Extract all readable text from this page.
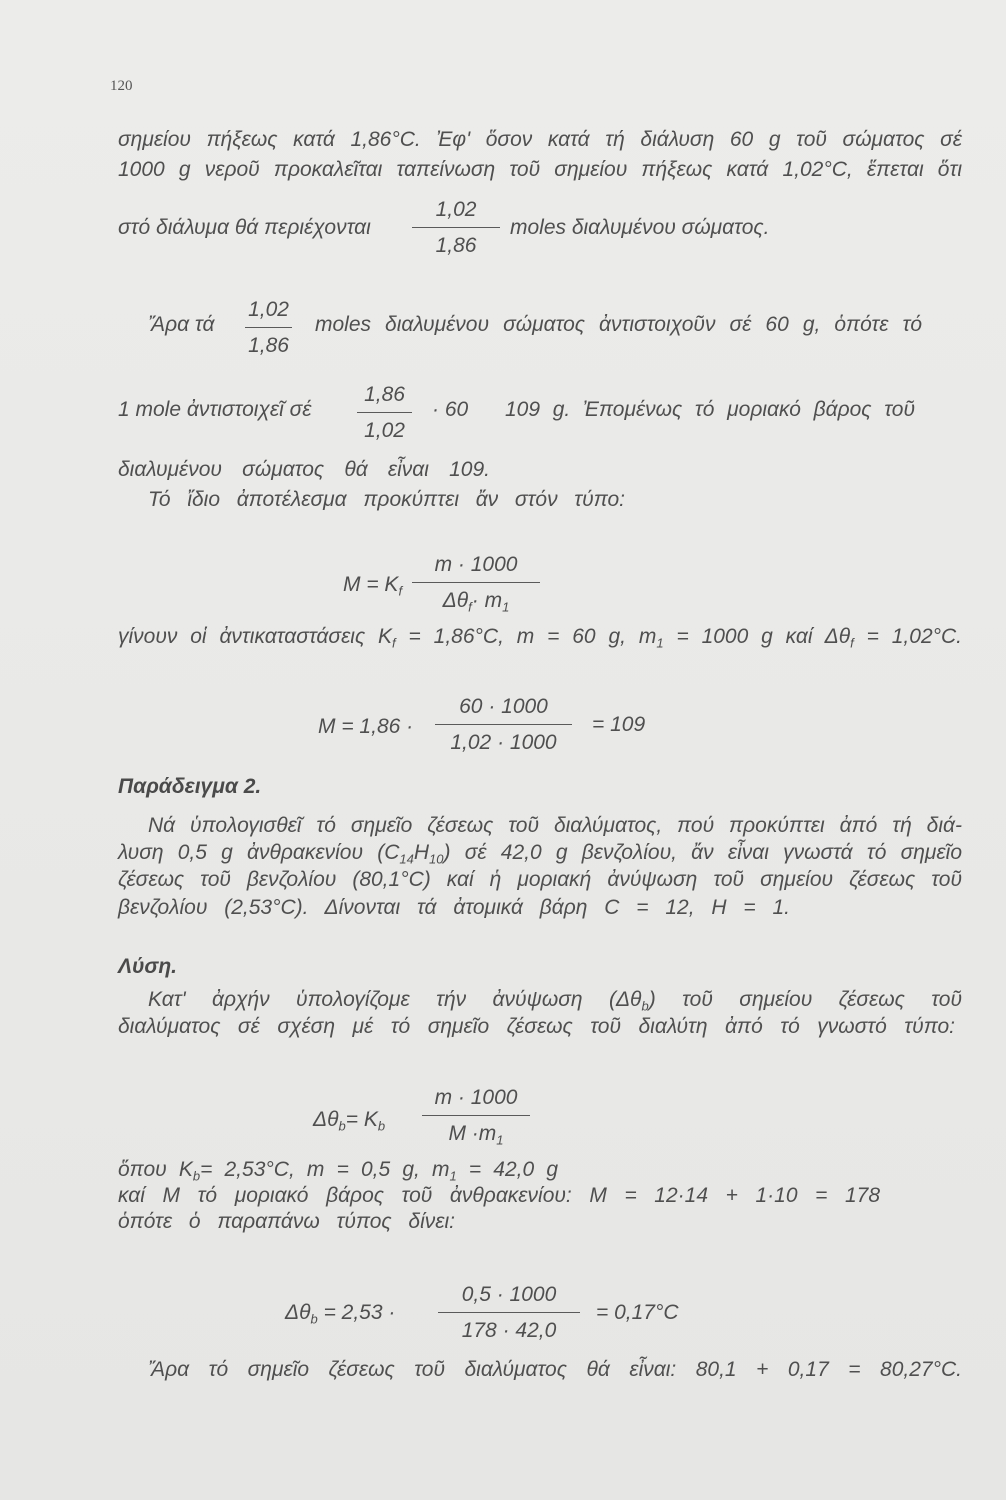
120
σημείου πήξεως κατά 1,86°C. Ἐφ' ὅσον κατά τή διάλυση 60 g τοῦ σώματος σέ
1000 g νεροῦ προκαλεῖται ταπείνωση τοῦ σημείου πήξεως κατά 1,02°C, ἕπεται ὅτι
στό διάλυμα θά περιέχονται $\frac{1,02}{1,86}$ moles διαλυμένου σώματος.
Ἄρα τά $\frac{1,02}{1,86}$ moles διαλυμένου σώματος ἀντιστοιχοῦν σέ 60 g, ὁπότε τό
1 mole ἀντιστοιχεῖ σέ $\frac{1,86}{1,02} \cdot 60$ 109 g. Ἐπομένως τό μοριακό βάρος τοῦ
διαλυμένου σώματος θά εἶναι 109.
Τό ἴδιο ἀποτέλεσμα προκύπτει ἄν στόν τύπο:
$M = K_f$
m · 1000
$\Delta\theta_f\cdot m_1$
γίνουν οἱ ἀντικαταστάσεις $K_f = 1,86^\circ C$, m = 60 g, $m_1 = 1000$ g καί $\Delta\theta_f = 1,02^\circ C$.
$M = 1,86 \cdot \frac{60 \cdot 1000}{1,02 \cdot 1000} = 109$
Παράδειγμα 2.
Νά ὑπολογισθεῖ τό σημεῖο ζέσεως τοῦ διαλύματος, πού προκύπτει ἀπό τή διά-
λυση 0,5 g ἀνθρακενίου $(C_{14}H_{10})$ σέ 42,0 g βενζολίου, ἄν εἶναι γνωστά τό σημεῖο
ζέσεως τοῦ βενζολίου (80,1°C) καί ἡ μοριακή ἀνύψωση τοῦ σημείου ζέσεως τοῦ
βενζολίου (2,53°C). Δίνονται τά ἀτομικά βάρη C = 12, H = 1.
Λύση.
Κατ' ἀρχήν ὑπολογίζομε τήν ἀνύψωση $(\Delta\theta_b)$ τοῦ σημείου ζέσεως τοῦ
διαλύματος σέ σχέση μέ τό σημεῖο ζέσεως τοῦ διαλύτη ἀπό τό γνωστό τύπο:
$\Delta\theta_b= K_b \frac{m \cdot 1000}{M \cdot m_1}$
ὅπου $K_b= 2,53^\circ C$, m = 0,5 g, $m_1 = 42,0$ g
καί M τό μοριακό βάρος τοῦ ἀνθρακενίου: M = 12·14 + 1·10 = 178
ὁπότε ὁ παραπάνω τύπος δίνει:
$\Delta\theta_b = 2,53 \cdot \frac{0,5 \cdot 1000}{178 \cdot 42,0} = 0,17^\circ C$
Ἄρα τό σημεῖο ζέσεως τοῦ διαλύματος θά εἶναι: 80,1 + 0,17 = 80,27°C.
